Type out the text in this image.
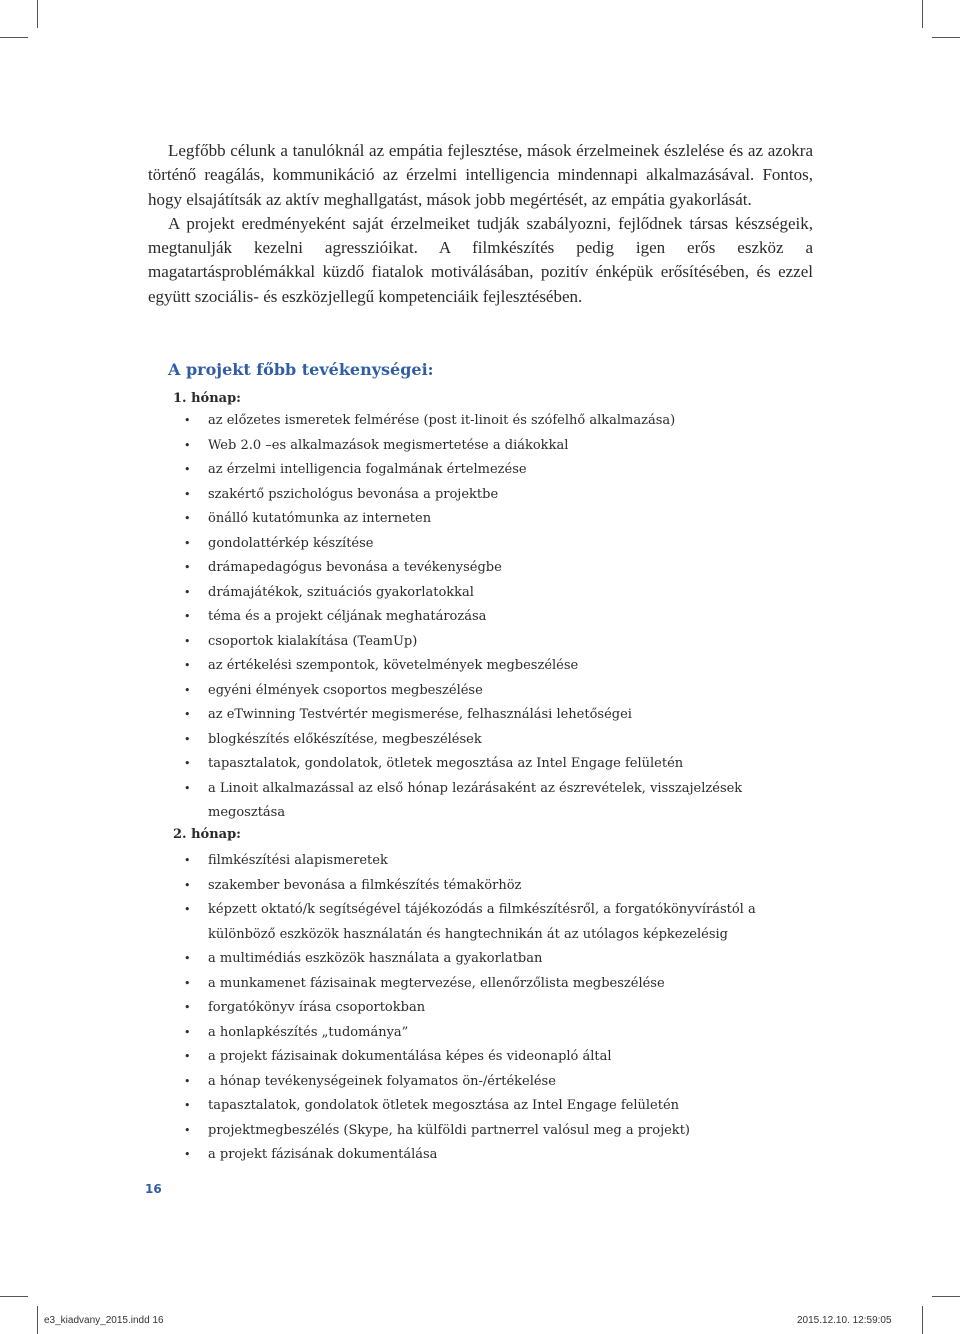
Legfőbb célunk a tanulóknál az empátia fejlesztése, mások érzelmeinek észlelése és az azokra történő reagálás, kommunikáció az érzelmi intelligencia mindennapi alkalmazásával. Fontos, hogy elsajátítsák az aktív meghallgatást, mások jobb megértését, az empátia gyakorlását.

A projekt eredményeként saját érzelmeiket tudják szabályozni, fejlődnek társas készségeik, megtanulják kezelni agresszióikat. A filmkészítés pedig igen erős eszköz a magatartásproblémákkal küzdő fiatalok motiválásában, pozitív énképük erősítésében, és ezzel együtt szociális- és eszközjellegű kompetenciáik fejlesztésében.

A projekt főbb tevékenységei:
1. hónap:
• az előzetes ismeretek felmérése (post it-linoit és szófelhő alkalmazása)
• Web 2.0 –es alkalmazások megismertetése a diákokkal
• az érzelmi intelligencia fogalmának értelmezése
• szakértő pszichológus bevonása a projektbe
• önálló kutatómunka az interneten
• gondolattérkép készítése
• drámapedagógus bevonása a tevékenységbe
• drámajátékok, szituációs gyakorlatokkal
• téma és a projekt céljának meghatározása
• csoportok kialakítása (TeamUp)
• az értékelési szempontok, követelmények megbeszélése
• egyéni élmények csoportos megbeszélése
• az eTwinning Testvértér megismerése, felhasználási lehetőségei
• blogkészítés előkészítése, megbeszélések
• tapasztalatok, gondolatok, ötletek megosztása az Intel Engage felületén
• a Linoit alkalmazással az első hónap lezárásaként az észrevételek, visszajelzések megosztása
2. hónap:
• filmkészítési alapismeretek
• szakember bevonása a filmkészítés témakörhöz
• képzett oktató/k segítségével tájékozódás a filmkészítésről, a forgatókönyvírástól a különböző eszközök használatán és hangtechnikán át az utólagos képkezelésig
• a multimédiás eszközök használata a gyakorlatban
• a munkamenet fázisainak megtervezése, ellenőrzőlista megbeszélése
• forgatókönyv írása csoportokban
• a honlapkészítés „tudománya”
• a projekt fázisainak dokumentálása képes és videonapló által
• a hónap tevékenységeinek folyamatos ön-/értékelése
• tapasztalatok, gondolatok ötletek megosztása az Intel Engage felületén
• projektmegbeszélés (Skype, ha külföldi partnerrel valósul meg a projekt)
• a projekt fázisának dokumentálása
16
e3_kiadvany_2015.indd 16	2015.12.10. 12:59:05
